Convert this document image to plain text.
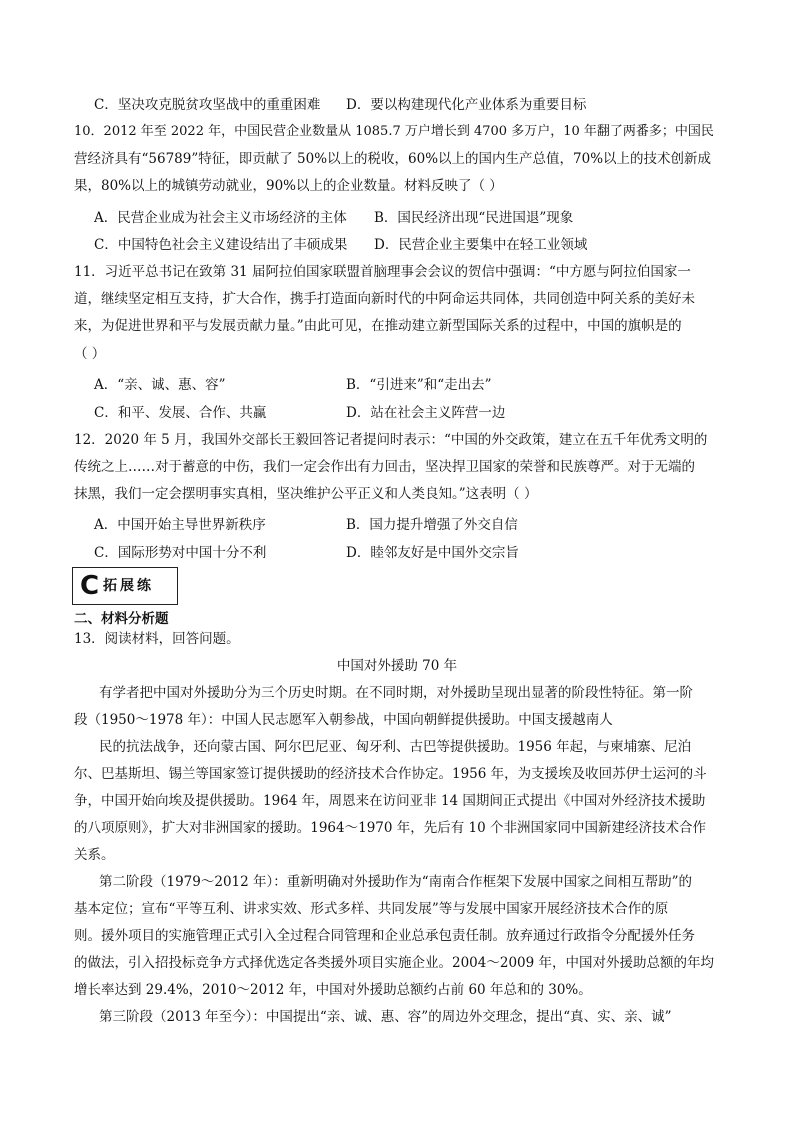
C．坚决攻克脱贫攻坚战中的重重困难 D．要以构建现代化产业体系为重要目标
10．2012 年至 2022 年，中国民营企业数量从 1085.7 万户增长到 4700 多万户，10 年翻了两番多；中国民
营经济具有“56789”特征，即贡献了 50%以上的税收，60%以上的国内生产总值，70%以上的技术创新成
果，80%以上的城镇劳动就业，90%以上的企业数量。材料反映了（ ）
A．民营企业成为社会主义市场经济的主体 B．国民经济出现“民进国退”现象
C．中国特色社会主义建设结出了丰硕成果 D．民营企业主要集中在轻工业领域
11．习近平总书记在致第 31 届阿拉伯国家联盟首脑理事会会议的贺信中强调：“中方愿与阿拉伯国家一
道，继续坚定相互支持，扩大合作，携手打造面向新时代的中阿命运共同体，共同创造中阿关系的美好未
来，为促进世界和平与发展贡献力量。”由此可见，在推动建立新型国际关系的过程中，中国的旗帜是的
（ ）
A．“亲、诚、惠、容”	B．“引进来”和“走出去”
C．和平、发展、合作、共赢	D．站在社会主义阵营一边
12．2020 年 5 月，我国外交部长王毅回答记者提问时表示：“中国的外交政策，建立在五千年优秀文明的
传统之上……对于蓄意的中伤，我们一定会作出有力回击，坚决捍卫国家的荣誉和民族尊严。对于无端的
抹黑，我们一定会摆明事实真相，坚决维护公平正义和人类良知。”这表明（ ）
A．中国开始主导世界新秩序	B．国力提升增强了外交自信
C．国际形势对中国十分不利	D．睦邻友好是中国外交宗旨
C 拓展练
二、材料分析题
13．阅读材料，回答问题。
中国对外援助 70 年
有学者把中国对外援助分为三个历史时期。在不同时期，对外援助呈现出显著的阶段性特征。第一阶
段（1950～1978 年）：中国人民志愿军入朝参战，中国向朝鲜提供援助。中国支援越南人
民的抗法战争，还向蒙古国、阿尔巴尼亚、匈牙利、古巴等提供援助。1956 年起，与柬埔寨、尼泊
尔、巴基斯坦、锡兰等国家签订提供援助的经济技术合作协定。1956 年，为支援埃及收回苏伊士运河的斗
争，中国开始向埃及提供援助。1964 年，周恩来在访问亚非 14 国期间正式提出《中国对外经济技术援助
的八项原则》，扩大对非洲国家的援助。1964～1970 年，先后有 10 个非洲国家同中国新建经济技术合作
关系。
第二阶段（1979～2012 年）：重新明确对外援助作为“南南合作框架下发展中国家之间相互帮助”的
基本定位；宣布“平等互利、讲求实效、形式多样、共同发展”等与发展中国家开展经济技术合作的原
则。援外项目的实施管理正式引入全过程合同管理和企业总承包责任制。放弃通过行政指令分配援外任务
的做法，引入招投标竞争方式择优选定各类援外项目实施企业。2004～2009 年，中国对外援助总额的年均
增长率达到 29.4%，2010～2012 年，中国对外援助总额约占前 60 年总和的 30%。
第三阶段（2013 年至今）：中国提出“亲、诚、惠、容”的周边外交理念，提出“真、实、亲、诚”
